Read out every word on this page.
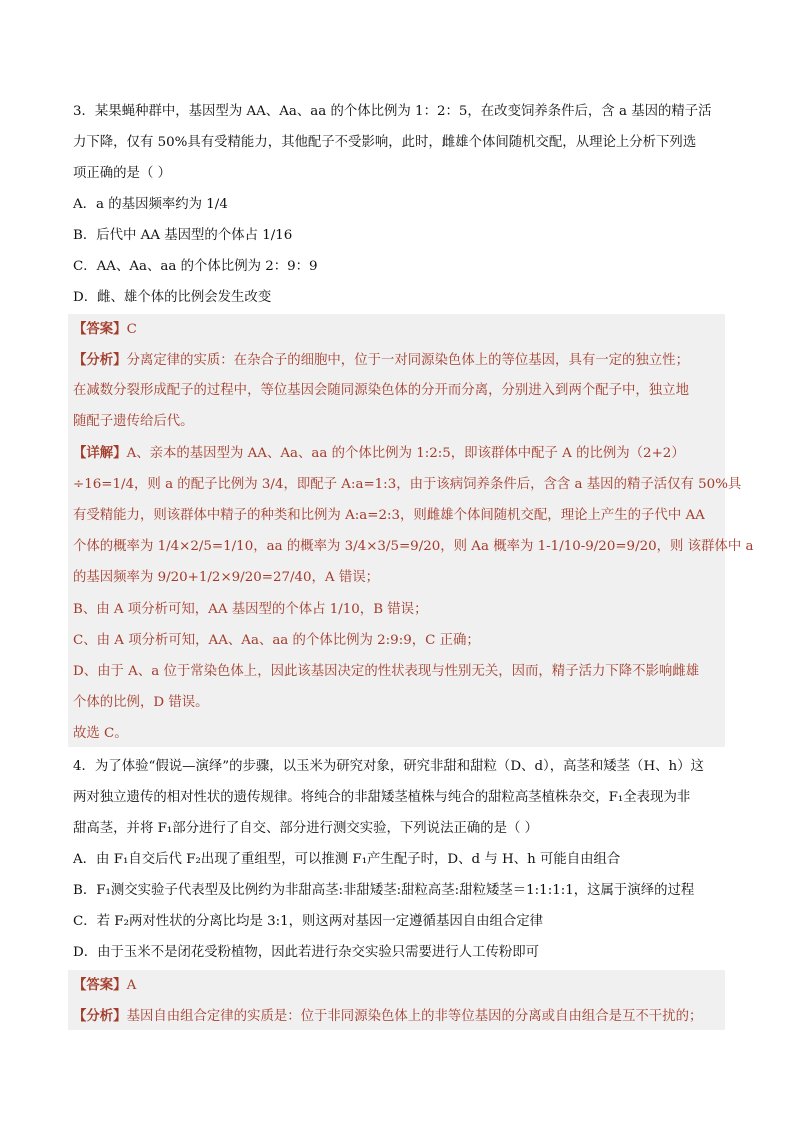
3．某果蝇种群中，基因型为 AA、Aa、aa 的个体比例为 1：2：5，在改变饲养条件后，含 a 基因的精子活
力下降，仅有 50%具有受精能力，其他配子不受影响，此时，雌雄个体间随机交配，从理论上分析下列选
项正确的是（ ）
A．a 的基因频率约为 1/4
B．后代中 AA 基因型的个体占 1/16
C．AA、Aa、aa 的个体比例为 2：9：9
D．雌、雄个体的比例会发生改变
【答案】C
【分析】分离定律的实质：在杂合子的细胞中，位于一对同源染色体上的等位基因，具有一定的独立性；
在减数分裂形成配子的过程中，等位基因会随同源染色体的分开而分离，分别进入到两个配子中，独立地
随配子遗传给后代。
【详解】A、亲本的基因型为 AA、Aa、aa 的个体比例为 1:2:5，即该群体中配子 A 的比例为（2+2）
÷16=1/4，则 a 的配子比例为 3/4，即配子 A:a=1:3，由于该病饲养条件后，含含 a 基因的精子活仅有 50%具
有受精能力，则该群体中精子的种类和比例为 A:a=2:3，则雌雄个体间随机交配，理论上产生的子代中 AA
个体的概率为 1/4×2/5=1/10，aa 的概率为 3/4×3/5=9/20，则 Aa 概率为 1-1/10-9/20=9/20，则 该群体中 a
的基因频率为 9/20+1/2×9/20=27/40，A 错误；
B、由 A 项分析可知，AA 基因型的个体占 1/10，B 错误；
C、由 A 项分析可知，AA、Aa、aa 的个体比例为 2:9:9，C 正确；
D、由于 A、a 位于常染色体上，因此该基因决定的性状表现与性别无关，因而，精子活力下降不影响雌雄
个体的比例，D 错误。
故选 C。
4．为了体验“假说—演绎”的步骤，以玉米为研究对象，研究非甜和甜粒（D、d），高茎和矮茎（H、h）这
两对独立遗传的相对性状的遗传规律。将纯合的非甜矮茎植株与纯合的甜粒高茎植株杂交，F₁全表现为非
甜高茎，并将 F₁部分进行了自交、部分进行测交实验，下列说法正确的是（ ）
A．由 F₁自交后代 F₂出现了重组型，可以推测 F₁产生配子时，D、d 与 H、h 可能自由组合
B．F₁测交实验子代表型及比例约为非甜高茎:非甜矮茎:甜粒高茎:甜粒矮茎＝1:1:1:1，这属于演绎的过程
C．若 F₂两对性状的分离比均是 3:1，则这两对基因一定遵循基因自由组合定律
D．由于玉米不是闭花受粉植物，因此若进行杂交实验只需要进行人工传粉即可
【答案】A
【分析】基因自由组合定律的实质是：位于非同源染色体上的非等位基因的分离或自由组合是互不干扰的；
